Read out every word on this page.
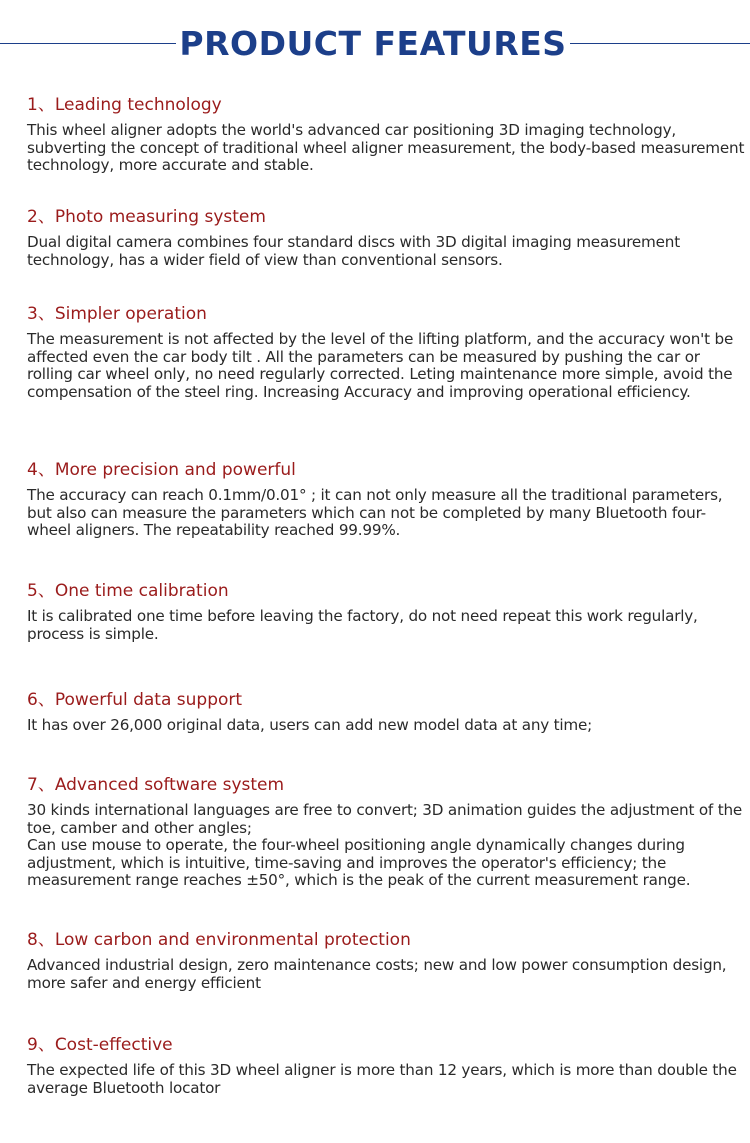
PRODUCT FEATURES
1、Leading technology

This wheel aligner adopts the world's advanced car positioning 3D imaging technology, subverting the concept of traditional wheel aligner measurement, the body-based measurement technology, more accurate and stable.

2、Photo measuring system

Dual digital camera combines four standard discs with 3D digital imaging measurement technology, has a wider field of view than conventional sensors.

3、Simpler operation

The measurement is not affected by the level of the lifting platform, and the accuracy won't be affected even the car body tilt . All the parameters can be measured by pushing the car or rolling car wheel only, no need regularly corrected. Leting maintenance more simple, avoid the compensation of the steel ring. Increasing Accuracy and improving operational efficiency.

4、More precision and powerful

The accuracy can reach 0.1mm/0.01° ; it can not only measure all the traditional parameters, but also can measure the parameters which can not be completed by many Bluetooth four-wheel aligners. The repeatability reached 99.99%.

5、One time calibration

It is calibrated one time before leaving the factory, do not need repeat this work regularly, process is simple.

6、Powerful data support

It has over 26,000 original data, users can add new model data at any time;

7、Advanced software system

30 kinds international languages are free to convert; 3D animation guides the adjustment of the toe, camber and other angles;

Can use mouse to operate, the four-wheel positioning angle dynamically changes during adjustment, which is intuitive, time-saving and improves the operator's efficiency; the measurement range reaches ±50°, which is the peak of the current measurement range.

8、Low carbon and environmental protection

Advanced industrial design, zero maintenance costs; new and low power consumption design, more safer and energy efficient

9、Cost-effective

The expected life of this 3D wheel aligner is more than 12 years, which is more than double the average Bluetooth locator
